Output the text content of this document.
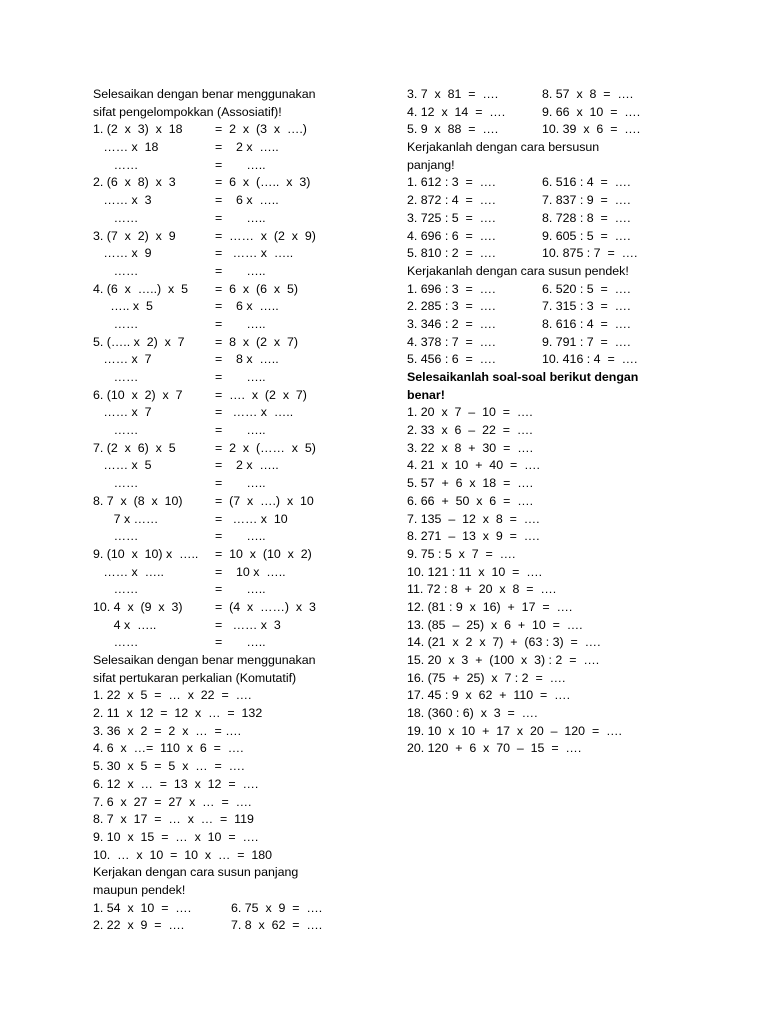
Selesaikan dengan benar menggunakan
sifat pengelompokkan (Assosiatif)!
1. (2  x  3)  x  18	=  2  x  (3  x  ….)
…… x  18	=    2 x  …..
……	=       …..
2. (6  x  8)  x  3	=  6  x  (…..  x  3)
…… x  3	=    6 x  …..
……	=       …..
3. (7  x  2)  x  9	=  ……  x  (2  x  9)
…… x  9	=   …… x  …..
……	=       …..
4. (6  x  …..)  x  5 =  6  x  (6  x  5)
….. x  5	=    6 x  …..
……	=       …..
5. (….. x  2)  x  7 =  8  x  (2  x  7)
…… x  7	=    8 x  …..
……	=       …..
6. (10  x  2)  x  7	=  ….  x  (2  x  7)
…… x  7	=   …… x  …..
……	=       …..
7. (2  x  6)  x  5	=  2  x  (……  x  5)
…… x  5	=    2 x  …..
……	=       …..
8. 7  x  (8  x  10)	=  (7  x  ….)  x  10
7 x ……	=   …… x  10
……	=       …..
9. (10  x  10) x  ….. =  10  x  (10  x  2)
…… x  …..	=    10 x  …..
……	=       …..
10. 4  x  (9  x  3)	=  (4  x  ……)  x  3
4 x  …..	=   …… x  3
……	=       …..
Selesaikan dengan benar menggunakan
sifat pertukaran perkalian (Komutatif)
1. 22  x  5  =  …  x  22  =  ….
2. 11  x  12  =  12  x  …  =  132
3. 36  x  2  =  2  x  …  = ….
4. 6  x  …=  110  x  6  =  ….
5. 30  x  5  =  5  x  …  =  ….
6. 12  x  …  =  13  x  12  =  ….
7. 6  x  27  =  27  x  …  =  ….
8. 7  x  17  =  …  x  …  =  119
9. 10  x  15  =  …  x  10  =  ….
10.  …  x  10  =  10  x  …  =  180
Kerjakan dengan cara susun panjang
maupun pendek!
1. 54  x  10  =  ….	6. 75  x  9  =  ….
2. 22  x  9  =  ….	7. 8  x  62  =  ….
3. 7  x  81  =  ….	8. 57  x  8  =  ….
4. 12  x  14  =  ….	9. 66  x  10  =  ….
5. 9  x  88  =  ….	10. 39  x  6  =  ….
Kerjakanlah dengan cara bersusun
panjang!
1. 612 : 3  =  ….	6. 516 : 4  =  ….
2. 872 : 4  =  ….	7. 837 : 9  =  ….
3. 725 : 5  =  ….	8. 728 : 8  =  ….
4. 696 : 6  =  ….	9. 605 : 5  =  ….
5. 810 : 2  =  ….	10. 875 : 7  =  ….
Kerjakanlah dengan cara susun pendek!
1. 696 : 3  =  ….	6. 520 : 5  =  ….
2. 285 : 3  =  ….	7. 315 : 3  =  ….
3. 346 : 2  =  ….	8. 616 : 4  =  ….
4. 378 : 7  =  ….	9. 791 : 7  =  ….
5. 456 : 6  =  ….	10. 416 : 4  =  ….
Selesaikanlah soal-soal berikut dengan
benar!
1. 20  x  7  –  10  =  ….
2. 33  x  6  –  22  =  ….
3. 22  x  8  +  30  =  ….
4. 21  x  10  +  40  =  ….
5. 57  +  6  x  18  =  ….
6. 66  +  50  x  6  =  ….
7. 135  –  12  x  8  =  ….
8. 271  –  13  x  9  =  ….
9. 75 : 5  x  7  =  ….
10. 121 : 11  x  10  =  ….
11. 72 : 8  +  20  x  8  =  ….
12. (81 : 9  x  16)  +  17  =  ….
13. (85  –  25)  x  6  +  10  =  ….
14. (21  x  2  x  7)  +  (63 : 3)  =  ….
15. 20  x  3  +  (100  x  3) : 2  =  ….
16. (75  +  25)  x  7 : 2  =  ….
17. 45 : 9  x  62  +  110  =  ….
18. (360 : 6)  x  3  =  ….
19. 10  x  10  +  17  x  20  –  120  =  ….
20. 120  +  6  x  70  –  15  =  ….
